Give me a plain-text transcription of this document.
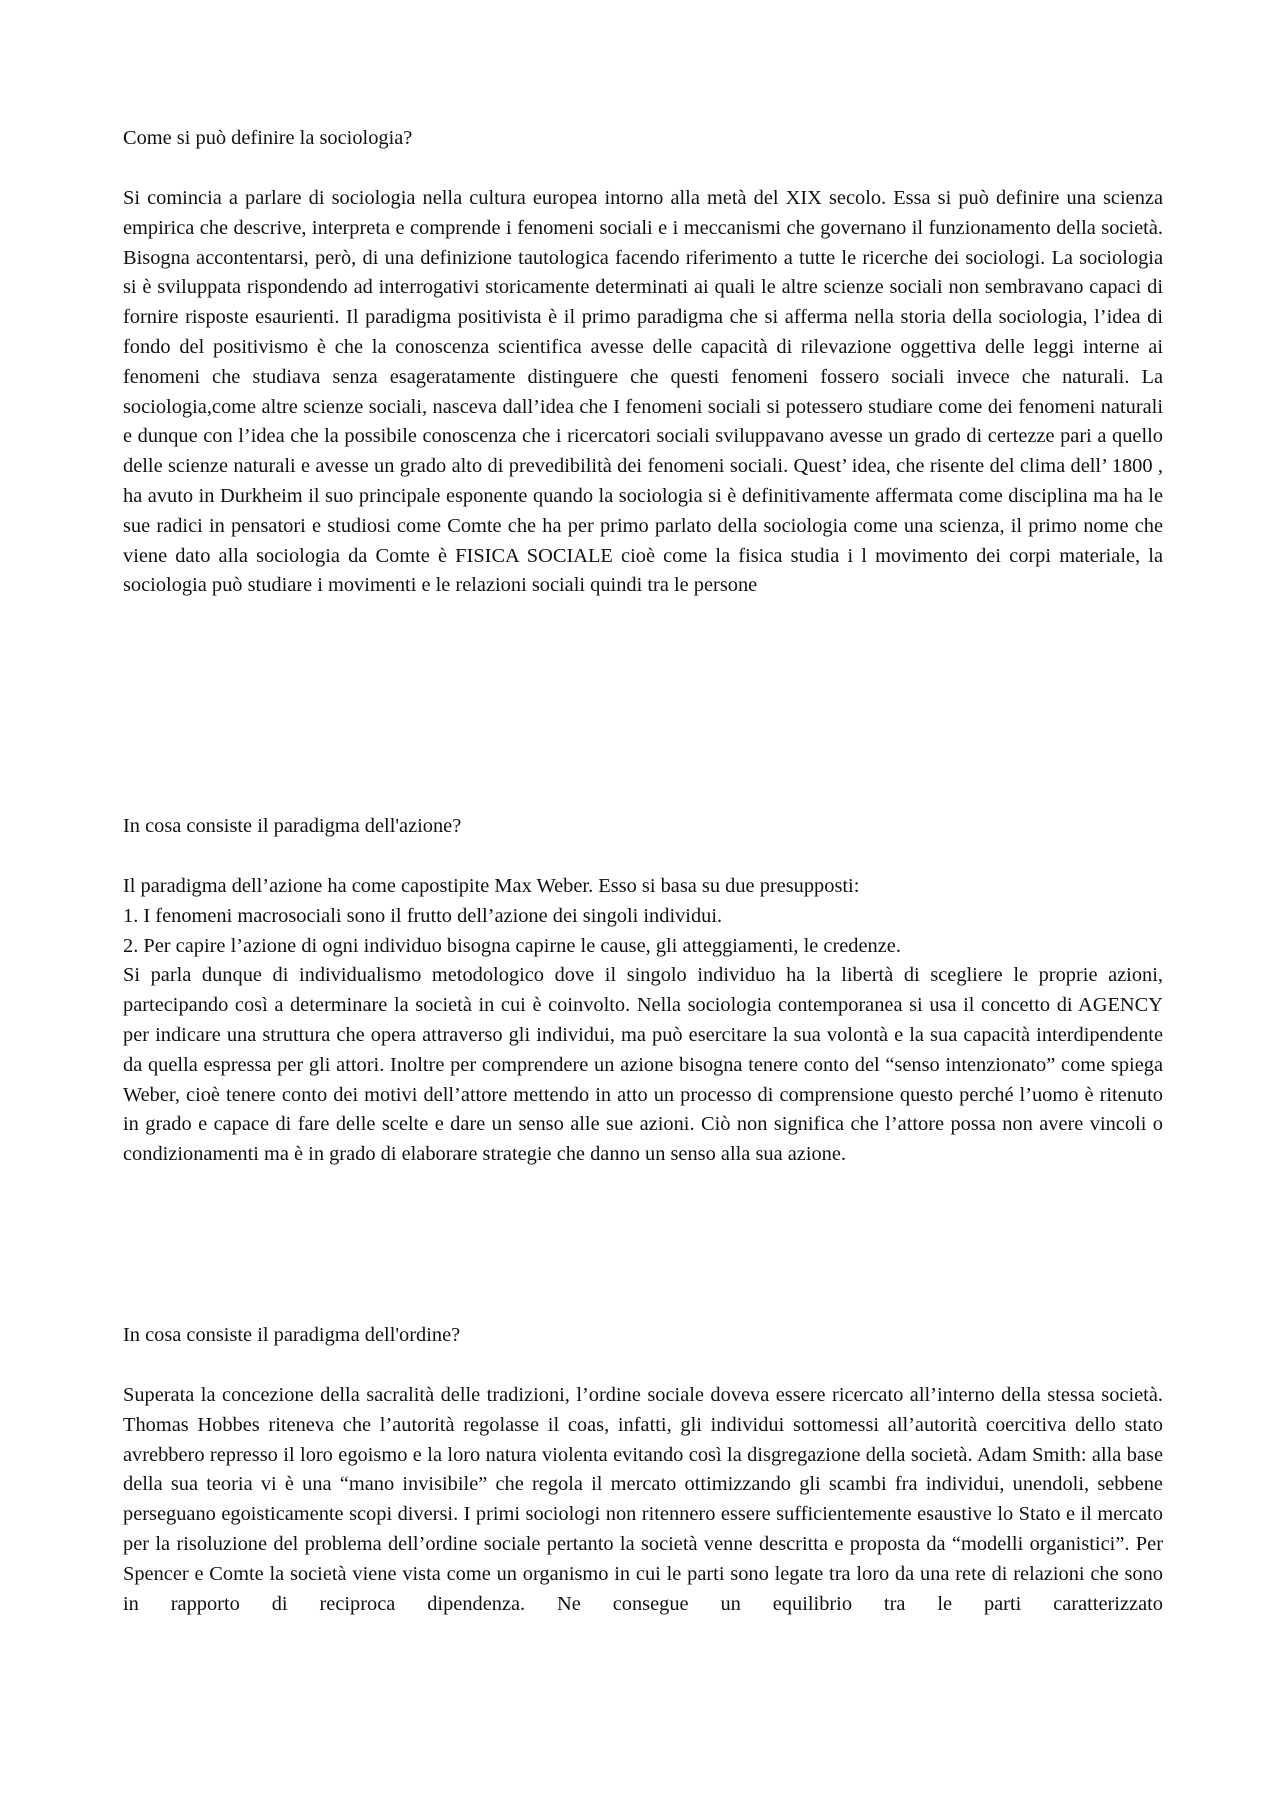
Come si può definire la sociologia?

Si comincia a parlare di sociologia nella cultura europea intorno alla metà del XIX secolo. Essa si può definire una scienza empirica che descrive, interpreta e comprende i fenomeni sociali e i meccanismi che governano il funzionamento della società. Bisogna accontentarsi, però, di una definizione tautologica facendo riferimento a tutte le ricerche dei sociologi. La sociologia si è sviluppata rispondendo ad interrogativi storicamente determinati ai quali le altre scienze sociali non sembravano capaci di fornire risposte esaurienti. Il paradigma positivista è il primo paradigma che si afferma nella storia della sociologia, l’idea di fondo del positivismo è che la conoscenza scientifica avesse delle capacità di rilevazione oggettiva delle leggi interne ai fenomeni che studiava senza esageratamente distinguere che questi fenomeni fossero sociali invece che naturali. La sociologia,come altre scienze sociali, nasceva dall’idea che I fenomeni sociali si potessero studiare come dei fenomeni naturali e dunque con l’idea che la possibile conoscenza che i ricercatori sociali sviluppavano avesse un grado di certezze pari a quello delle scienze naturali e avesse un grado alto di prevedibilità dei fenomeni sociali. Quest’ idea, che risente del clima dell’ 1800 , ha avuto in Durkheim il suo principale esponente quando la sociologia si è definitivamente affermata come disciplina ma ha le sue radici in pensatori e studiosi come Comte che ha per primo parlato della sociologia come una scienza, il primo nome che viene dato alla sociologia da Comte è FISICA SOCIALE cioè come la fisica studia i l movimento dei corpi materiale, la sociologia può studiare i movimenti e le relazioni sociali quindi tra le persone

In cosa consiste il paradigma dell'azione?

Il paradigma dell’azione ha come capostipite Max Weber. Esso si basa su due presupposti:

1. I fenomeni macrosociali sono il frutto dell’azione dei singoli individui.

2. Per capire l’azione di ogni individuo bisogna capirne le cause, gli atteggiamenti, le credenze.

Si parla dunque di individualismo metodologico dove il singolo individuo ha la libertà di scegliere le proprie azioni, partecipando così a determinare la società in cui è coinvolto. Nella sociologia contemporanea si usa il concetto di AGENCY per indicare una struttura che opera attraverso gli individui, ma può esercitare la sua volontà e la sua capacità interdipendente da quella espressa per gli attori. Inoltre per comprendere un azione bisogna tenere conto del “senso intenzionato” come spiega Weber, cioè tenere conto dei motivi dell’attore mettendo in atto un processo di comprensione questo perché l’uomo è ritenuto in grado e capace di fare delle scelte e dare un senso alle sue azioni. Ciò non significa che l’attore possa non avere vincoli o condizionamenti ma è in grado di elaborare strategie che danno un senso alla sua azione.

In cosa consiste il paradigma dell'ordine?

Superata la concezione della sacralità delle tradizioni, l’ordine sociale doveva essere ricercato all’interno della stessa società. Thomas Hobbes riteneva che l’autorità regolasse il coas, infatti, gli individui sottomessi all’autorità coercitiva dello stato avrebbero represso il loro egoismo e la loro natura violenta evitando così la disgregazione della società. Adam Smith: alla base della sua teoria vi è una “mano invisibile” che regola il mercato ottimizzando gli scambi fra individui, unendoli, sebbene perseguano egoisticamente scopi diversi. I primi sociologi non ritennero essere sufficientemente esaustive lo Stato e il mercato per la risoluzione del problema dell’ordine sociale pertanto la società venne descritta e proposta da “modelli organistici”. Per Spencer e Comte la società viene vista come un organismo in cui le parti sono legate tra loro da una rete di relazioni che sono in rapporto di reciproca dipendenza. Ne consegue un equilibrio tra le parti caratterizzato
